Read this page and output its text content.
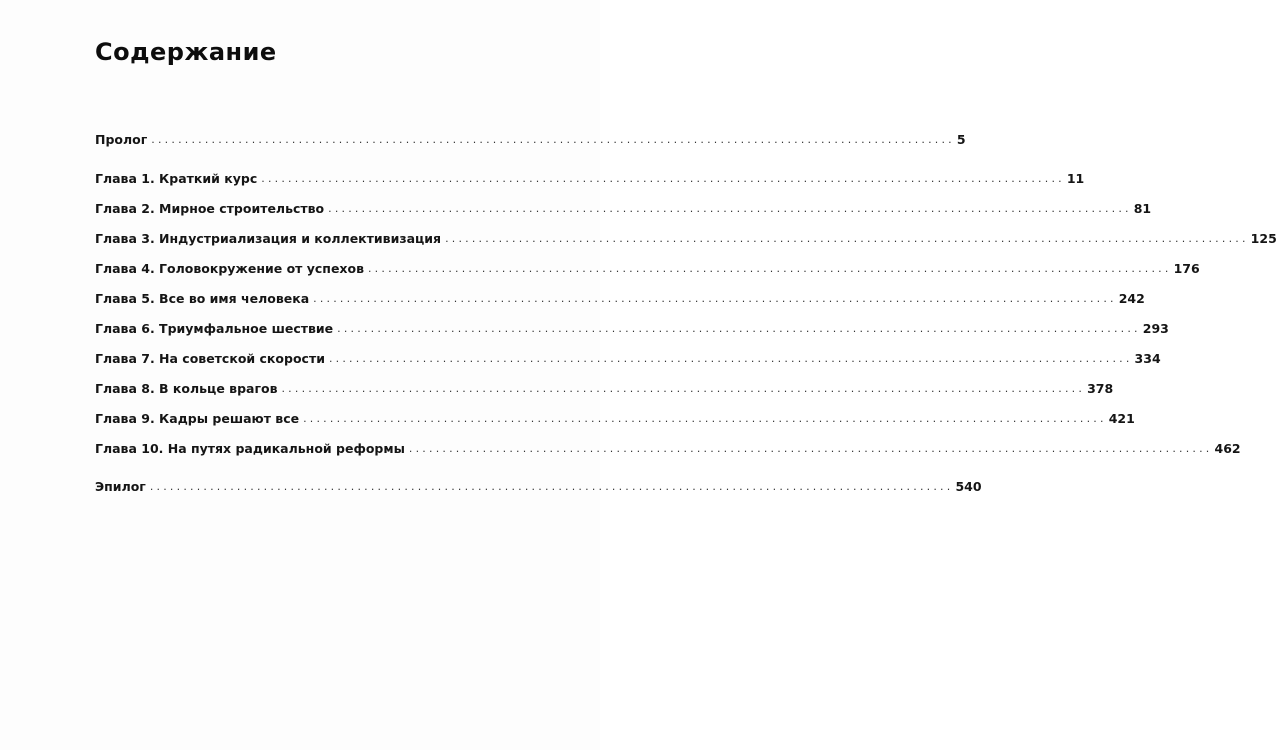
Содержание
Пролог ........................................................................................................................ 5
Глава 1. Краткий курс ........................................................................................................................ 11
Глава 2. Мирное строительство ........................................................................................................................ 81
Глава 3. Индустриализация и коллективизация ........................................................................................................................ 125
Глава 4. Головокружение от успехов ........................................................................................................................ 176
Глава 5. Все во имя человека ........................................................................................................................ 242
Глава 6. Триумфальное шествие ........................................................................................................................ 293
Глава 7. На советской скорости ........................................................................................................................ 334
Глава 8. В кольце врагов ........................................................................................................................ 378
Глава 9. Кадры решают все ........................................................................................................................ 421
Глава 10. На путях радикальной реформы ........................................................................................................................ 462
Эпилог ........................................................................................................................ 540
